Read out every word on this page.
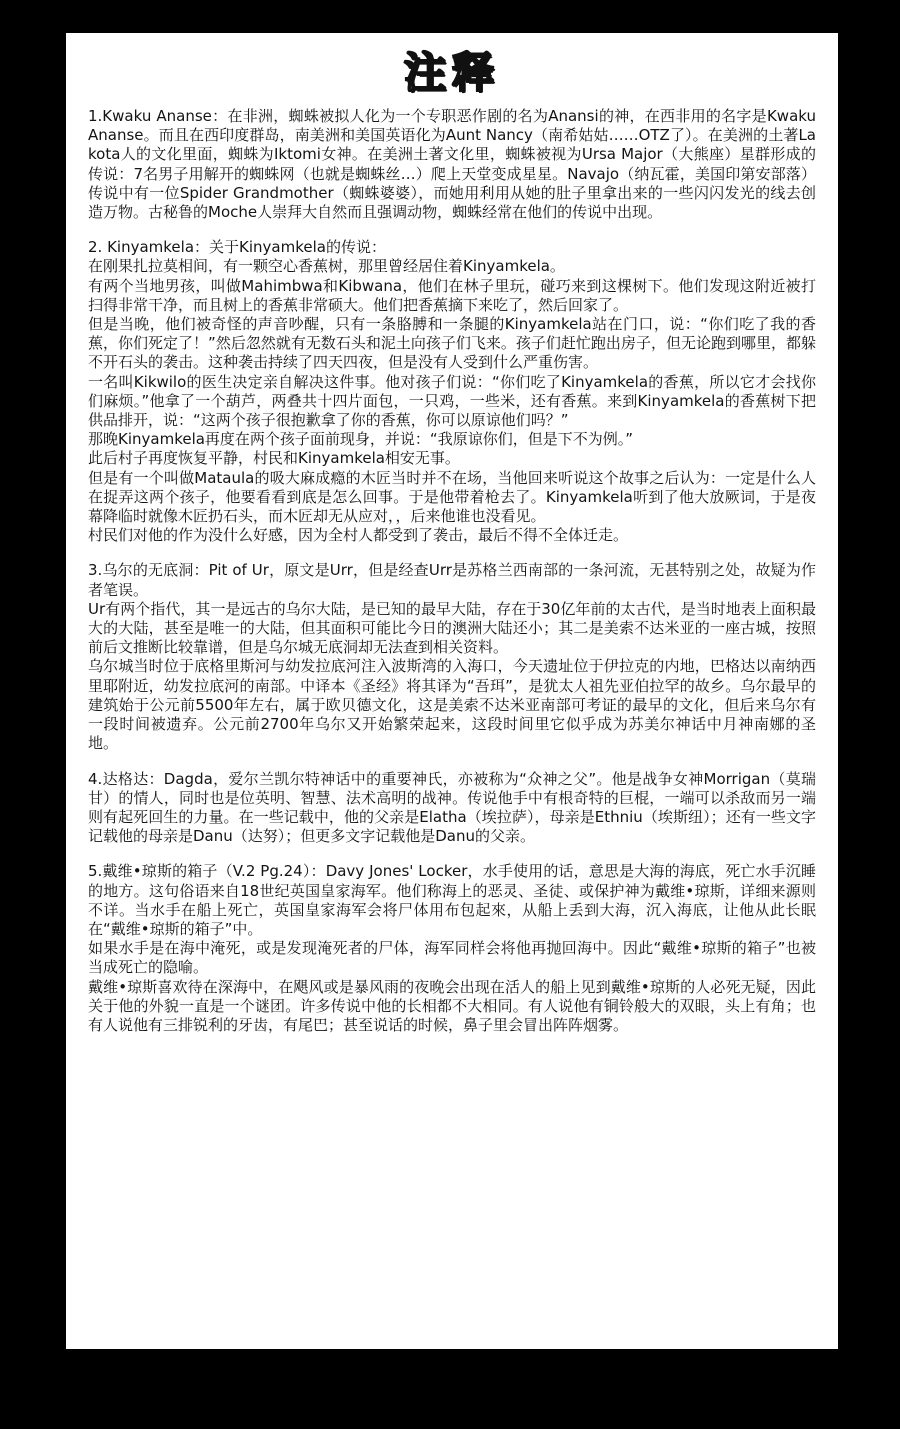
注释

1.Kwaku Ananse：在非洲，蜘蛛被拟人化为一个专职恶作剧的名为Anansi的神，在西非用的名字是Kwaku Ananse。而且在西印度群岛，南美洲和美国英语化为Aunt Nancy（南希姑姑……OTZ了）。在美洲的土著Lakota人的文化里面，蜘蛛为Iktomi女神。在美洲土著文化里，蜘蛛被视为Ursa Major（大熊座）星群形成的传说：7名男子用解开的蜘蛛网（也就是蜘蛛丝…）爬上天堂变成星星。Navajo（纳瓦霍，美国印第安部落）传说中有一位Spider Grandmother（蜘蛛婆婆），而她用利用从她的肚子里拿出来的一些闪闪发光的线去创造万物。古秘鲁的Moche人崇拜大自然而且强调动物，蜘蛛经常在他们的传说中出现。

2. Kinyamkela：关于Kinyamkela的传说：

在刚果扎拉莫相间，有一颗空心香蕉树，那里曾经居住着Kinyamkela。

有两个当地男孩，叫做Mahimbwa和Kibwana，他们在林子里玩，碰巧来到这棵树下。他们发现这附近被打扫得非常干净，而且树上的香蕉非常硕大。他们把香蕉摘下来吃了，然后回家了。

但是当晚，他们被奇怪的声音吵醒，只有一条胳膊和一条腿的Kinyamkela站在门口，说：“你们吃了我的香蕉，你们死定了！”然后忽然就有无数石头和泥土向孩子们飞来。孩子们赶忙跑出房子，但无论跑到哪里，都躲不开石头的袭击。这种袭击持续了四天四夜，但是没有人受到什么严重伤害。

一名叫Kikwilo的医生决定亲自解决这件事。他对孩子们说：“你们吃了Kinyamkela的香蕉，所以它才会找你们麻烦。”他拿了一个葫芦，两叠共十四片面包，一只鸡，一些米，还有香蕉。来到Kinyamkela的香蕉树下把供品排开，说：“这两个孩子很抱歉拿了你的香蕉，你可以原谅他们吗？”

那晚Kinyamkela再度在两个孩子面前现身，并说：“我原谅你们，但是下不为例。”

此后村子再度恢复平静，村民和Kinyamkela相安无事。

但是有一个叫做Mataula的吸大麻成瘾的木匠当时并不在场，当他回来听说这个故事之后认为：一定是什么人在捉弄这两个孩子，他要看看到底是怎么回事。于是他带着枪去了。Kinyamkela听到了他大放厥词，于是夜幕降临时就像木匠扔石头，而木匠却无从应对，，后来他谁也没看见。

村民们对他的作为没什么好感，因为全村人都受到了袭击，最后不得不全体迁走。

3.乌尔的无底洞：Pit of Ur，原文是Urr，但是经查Urr是苏格兰西南部的一条河流，无甚特别之处，故疑为作者笔误。

Ur有两个指代，其一是远古的乌尔大陆，是已知的最早大陆，存在于30亿年前的太古代，是当时地表上面积最大的大陆，甚至是唯一的大陆，但其面积可能比今日的澳洲大陆还小；其二是美索不达米亚的一座古城，按照前后文推断比较靠谱，但是乌尔城无底洞却无法查到相关资料。

乌尔城当时位于底格里斯河与幼发拉底河注入波斯湾的入海口，今天遗址位于伊拉克的内地，巴格达以南纳西里耶附近，幼发拉底河的南部。中译本《圣经》将其译为“吾珥”，是犹太人祖先亚伯拉罕的故乡。乌尔最早的建筑始于公元前5500年左右，属于欧贝德文化，这是美索不达米亚南部可考证的最早的文化，但后来乌尔有一段时间被遗弃。公元前2700年乌尔又开始繁荣起来，这段时间里它似乎成为苏美尔神话中月神南娜的圣地。

4.达格达：Dagda，爱尔兰凯尔特神话中的重要神氏，亦被称为“众神之父”。他是战争女神Morrigan（莫瑞甘）的情人，同时也是位英明、智慧、法术高明的战神。传说他手中有根奇特的巨棍，一端可以杀敌而另一端则有起死回生的力量。在一些记载中，他的父亲是Elatha（埃拉萨），母亲是Ethniu（埃斯纽）；还有一些文字记载他的母亲是Danu（达努）；但更多文字记载他是Danu的父亲。

5.戴维•琼斯的箱子（V.2 Pg.24）：Davy Jones' Locker，水手使用的话，意思是大海的海底，死亡水手沉睡的地方。这句俗语来自18世纪英国皇家海军。他们称海上的恶灵、圣徒、或保护神为戴维•琼斯，详细来源则不详。当水手在船上死亡，英国皇家海军会将尸体用布包起來，从船上丢到大海，沉入海底，让他从此长眠在“戴维•琼斯的箱子”中。

如果水手是在海中淹死，或是发现淹死者的尸体，海军同样会将他再抛回海中。因此“戴维•琼斯的箱子”也被当成死亡的隐喻。

戴维•琼斯喜欢待在深海中，在飓风或是暴风雨的夜晚会出现在活人的船上见到戴维•琼斯的人必死无疑，因此关于他的外貌一直是一个谜团。许多传说中他的长相都不大相同。有人说他有铜铃般大的双眼，头上有角；也有人说他有三排锐利的牙齿，有尾巴；甚至说话的时候，鼻子里会冒出阵阵烟雾。
